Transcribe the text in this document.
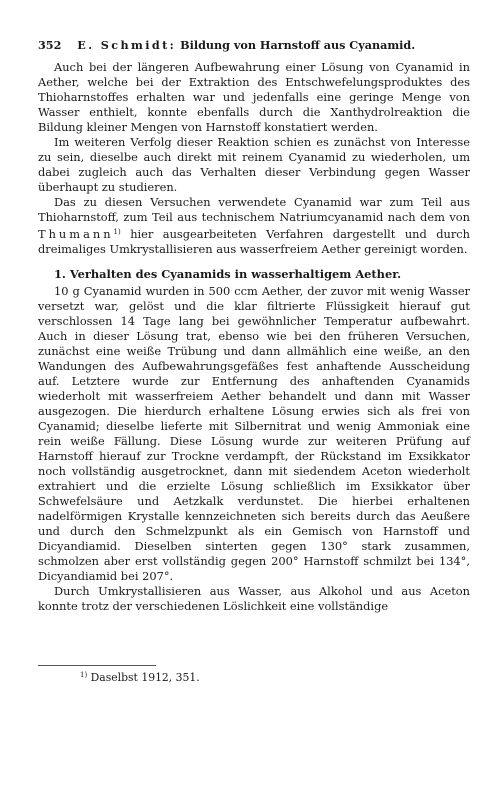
352 E. Schmidt: Bildung von Harnstoff aus Cyanamid.

Auch bei der längeren Aufbewahrung einer Lösung von Cyanamid in Aether, welche bei der Extraktion des Entschwefelungsproduktes des Thioharnstoffes erhalten war und jedenfalls eine geringe Menge von Wasser enthielt, konnte ebenfalls durch die Xanthydrolreaktion die Bildung kleiner Mengen von Harnstoff konstatiert werden.

Im weiteren Verfolg dieser Reaktion schien es zunächst von Interesse zu sein, dieselbe auch direkt mit reinem Cyanamid zu wiederholen, um dabei zugleich auch das Verhalten dieser Verbindung gegen Wasser überhaupt zu studieren.

Das zu diesen Versuchen verwendete Cyanamid war zum Teil aus Thioharnstoff, zum Teil aus technischem Natriumcyanamid nach dem von Thumann$^{1)}$ hier ausgearbeiteten Verfahren dargestellt und durch dreimaliges Umkrystallisieren aus wasserfreiem Aether gereinigt worden.

1. Verhalten des Cyanamids in wasserhaltigem Aether.

10 g Cyanamid wurden in 500 ccm Aether, der zuvor mit wenig Wasser versetzt war, gelöst und die klar filtrierte Flüssigkeit hierauf gut verschlossen 14 Tage lang bei gewöhnlicher Temperatur aufbewahrt. Auch in dieser Lösung trat, ebenso wie bei den früheren Versuchen, zunächst eine weiße Trübung und dann allmählich eine weiße, an den Wandungen des Aufbewahrungsgefäßes fest anhaftende Ausscheidung auf. Letztere wurde zur Entfernung des anhaftenden Cyanamids wiederholt mit wasserfreiem Aether behandelt und dann mit Wasser ausgezogen. Die hierdurch erhaltene Lösung erwies sich als frei von Cyanamid; dieselbe lieferte mit Silbernitrat und wenig Ammoniak eine rein weiße Fällung. Diese Lösung wurde zur weiteren Prüfung auf Harnstoff hierauf zur Trockne verdampft, der Rückstand im Exsikkator noch vollständig ausgetrocknet, dann mit siedendem Aceton wiederholt extrahiert und die erzielte Lösung schließlich im Exsikkator über Schwefelsäure und Aetzkalk verdunstet. Die hierbei erhaltenen nadelförmigen Krystalle kennzeichneten sich bereits durch das Aeußere und durch den Schmelzpunkt als ein Gemisch von Harnstoff und Dicyandiamid. Dieselben sinterten gegen 130° stark zusammen, schmolzen aber erst vollständig gegen 200° Harnstoff schmilzt bei 134°, Dicyandiamid bei 207°.

Durch Umkrystallisieren aus Wasser, aus Alkohol und aus Aceton konnte trotz der verschiedenen Löslichkeit eine vollständige

$^{1)}$ Daselbst 1912, 351.
